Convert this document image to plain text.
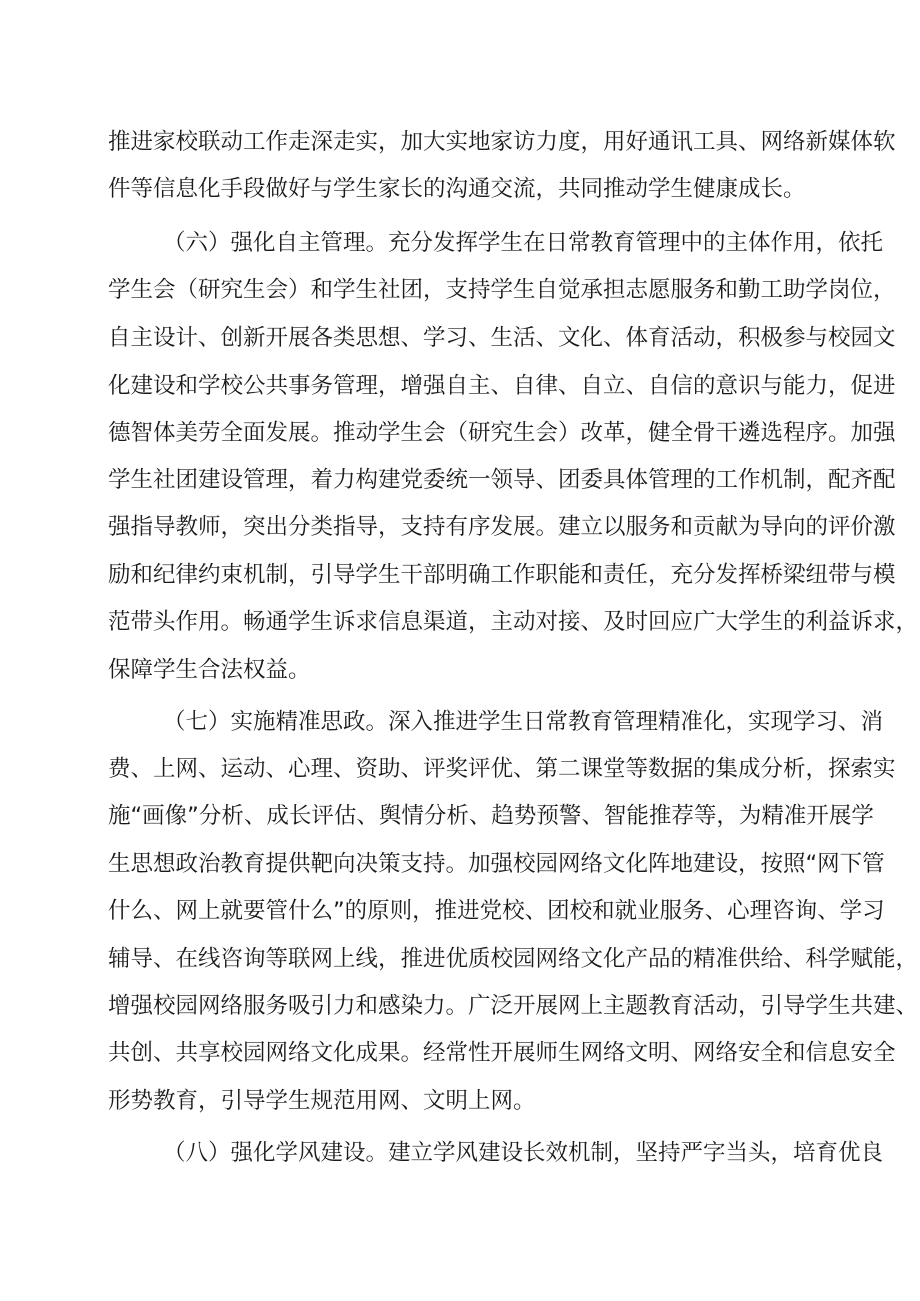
推进家校联动工作走深走实，加大实地家访力度，用好通讯工具、网络新媒体软
件等信息化手段做好与学生家长的沟通交流，共同推动学生健康成长。
（六）强化自主管理。充分发挥学生在日常教育管理中的主体作用，依托
学生会（研究生会）和学生社团，支持学生自觉承担志愿服务和勤工助学岗位，
自主设计、创新开展各类思想、学习、生活、文化、体育活动，积极参与校园文
化建设和学校公共事务管理，增强自主、自律、自立、自信的意识与能力，促进
德智体美劳全面发展。推动学生会（研究生会）改革，健全骨干遴选程序。加强
学生社团建设管理，着力构建党委统一领导、团委具体管理的工作机制，配齐配
强指导教师，突出分类指导，支持有序发展。建立以服务和贡献为导向的评价激
励和纪律约束机制，引导学生干部明确工作职能和责任，充分发挥桥梁纽带与模
范带头作用。畅通学生诉求信息渠道，主动对接、及时回应广大学生的利益诉求，
保障学生合法权益。
（七）实施精准思政。深入推进学生日常教育管理精准化，实现学习、消
费、上网、运动、心理、资助、评奖评优、第二课堂等数据的集成分析，探索实
施“画像”分析、成长评估、舆情分析、趋势预警、智能推荐等，为精准开展学
生思想政治教育提供靶向决策支持。加强校园网络文化阵地建设，按照“网下管
什么、网上就要管什么”的原则，推进党校、团校和就业服务、心理咨询、学习
辅导、在线咨询等联网上线，推进优质校园网络文化产品的精准供给、科学赋能，
增强校园网络服务吸引力和感染力。广泛开展网上主题教育活动，引导学生共建、
共创、共享校园网络文化成果。经常性开展师生网络文明、网络安全和信息安全
形势教育，引导学生规范用网、文明上网。
（八）强化学风建设。建立学风建设长效机制，坚持严字当头，培育优良
